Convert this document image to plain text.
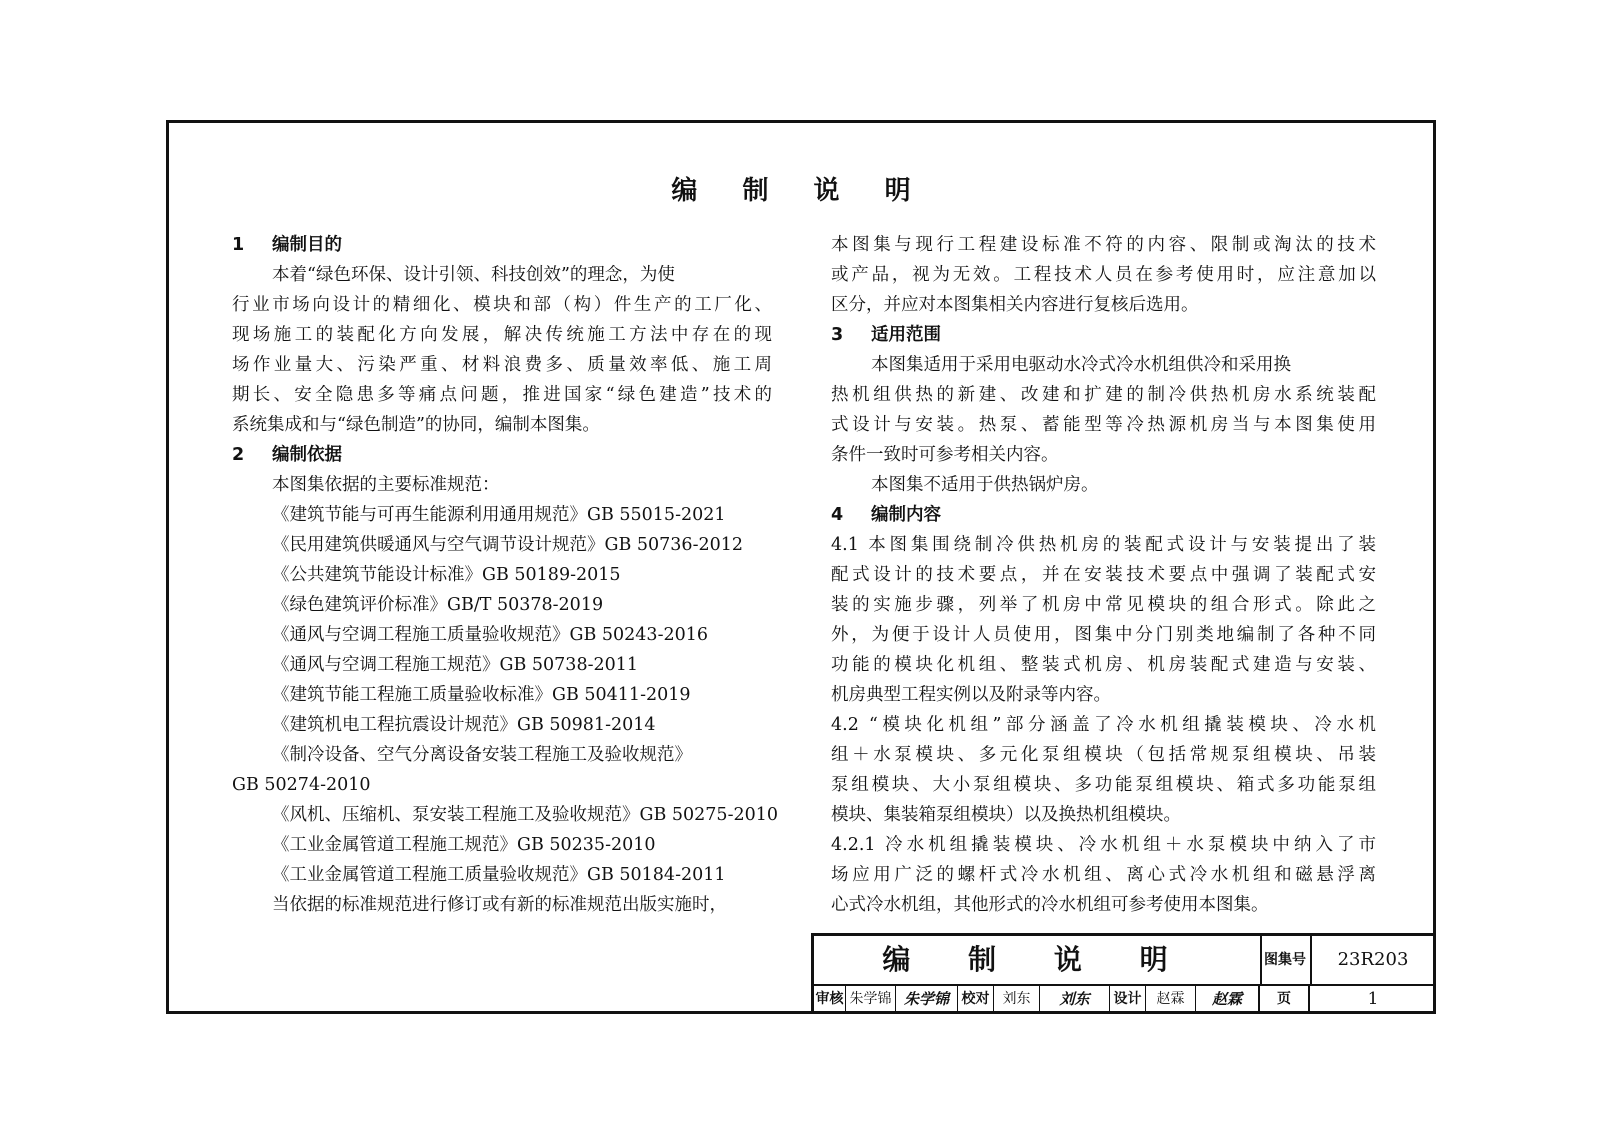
编 制 说 明

1 编制目的

本着“绿色环保、设计引领、科技创效”的理念，为使

行业市场向设计的精细化、模块和部（构）件生产的工厂化、

现场施工的装配化方向发展，解决传统施工方法中存在的现

场作业量大、污染严重、材料浪费多、质量效率低、施工周

期长、安全隐患多等痛点问题，推进国家“绿色建造”技术的

系统集成和与“绿色制造”的协同，编制本图集。

2 编制依据

本图集依据的主要标准规范：

《建筑节能与可再生能源利用通用规范》GB 55015-2021

《民用建筑供暖通风与空气调节设计规范》GB 50736-2012

《公共建筑节能设计标准》GB 50189-2015

《绿色建筑评价标准》GB/T 50378-2019

《通风与空调工程施工质量验收规范》GB 50243-2016

《通风与空调工程施工规范》GB 50738-2011

《建筑节能工程施工质量验收标准》GB 50411-2019

《建筑机电工程抗震设计规范》GB 50981-2014

《制冷设备、空气分离设备安装工程施工及验收规范》

GB 50274-2010

《风机、压缩机、泵安装工程施工及验收规范》GB 50275-2010

《工业金属管道工程施工规范》GB 50235-2010

《工业金属管道工程施工质量验收规范》GB 50184-2011

当依据的标准规范进行修订或有新的标准规范出版实施时，

本图集与现行工程建设标准不符的内容、限制或淘汰的技术

或产品，视为无效。工程技术人员在参考使用时，应注意加以

区分，并应对本图集相关内容进行复核后选用。

3 适用范围

本图集适用于采用电驱动水冷式冷水机组供冷和采用换

热机组供热的新建、改建和扩建的制冷供热机房水系统装配

式设计与安装。热泵、蓄能型等冷热源机房当与本图集使用

条件一致时可参考相关内容。

本图集不适用于供热锅炉房。

4 编制内容

4.1 本图集围绕制冷供热机房的装配式设计与安装提出了装

配式设计的技术要点，并在安装技术要点中强调了装配式安

装的实施步骤，列举了机房中常见模块的组合形式。除此之

外，为便于设计人员使用，图集中分门别类地编制了各种不同

功能的模块化机组、整装式机房、机房装配式建造与安装、

机房典型工程实例以及附录等内容。

4.2 “模块化机组”部分涵盖了冷水机组撬装模块、冷水机

组＋水泵模块、多元化泵组模块（包括常规泵组模块、吊装

泵组模块、大小泵组模块、多功能泵组模块、箱式多功能泵组

模块、集装箱泵组模块）以及换热机组模块。

4.2.1 冷水机组撬装模块、冷水机组＋水泵模块中纳入了市

场应用广泛的螺杆式冷水机组、离心式冷水机组和磁悬浮离

心式冷水机组，其他形式的冷水机组可参考使用本图集。

编 制 说 明	图集号	23R203
审核 朱学锦 朱学锦 校对 刘东	刘东	设计	赵霖	赵霖	页	1
